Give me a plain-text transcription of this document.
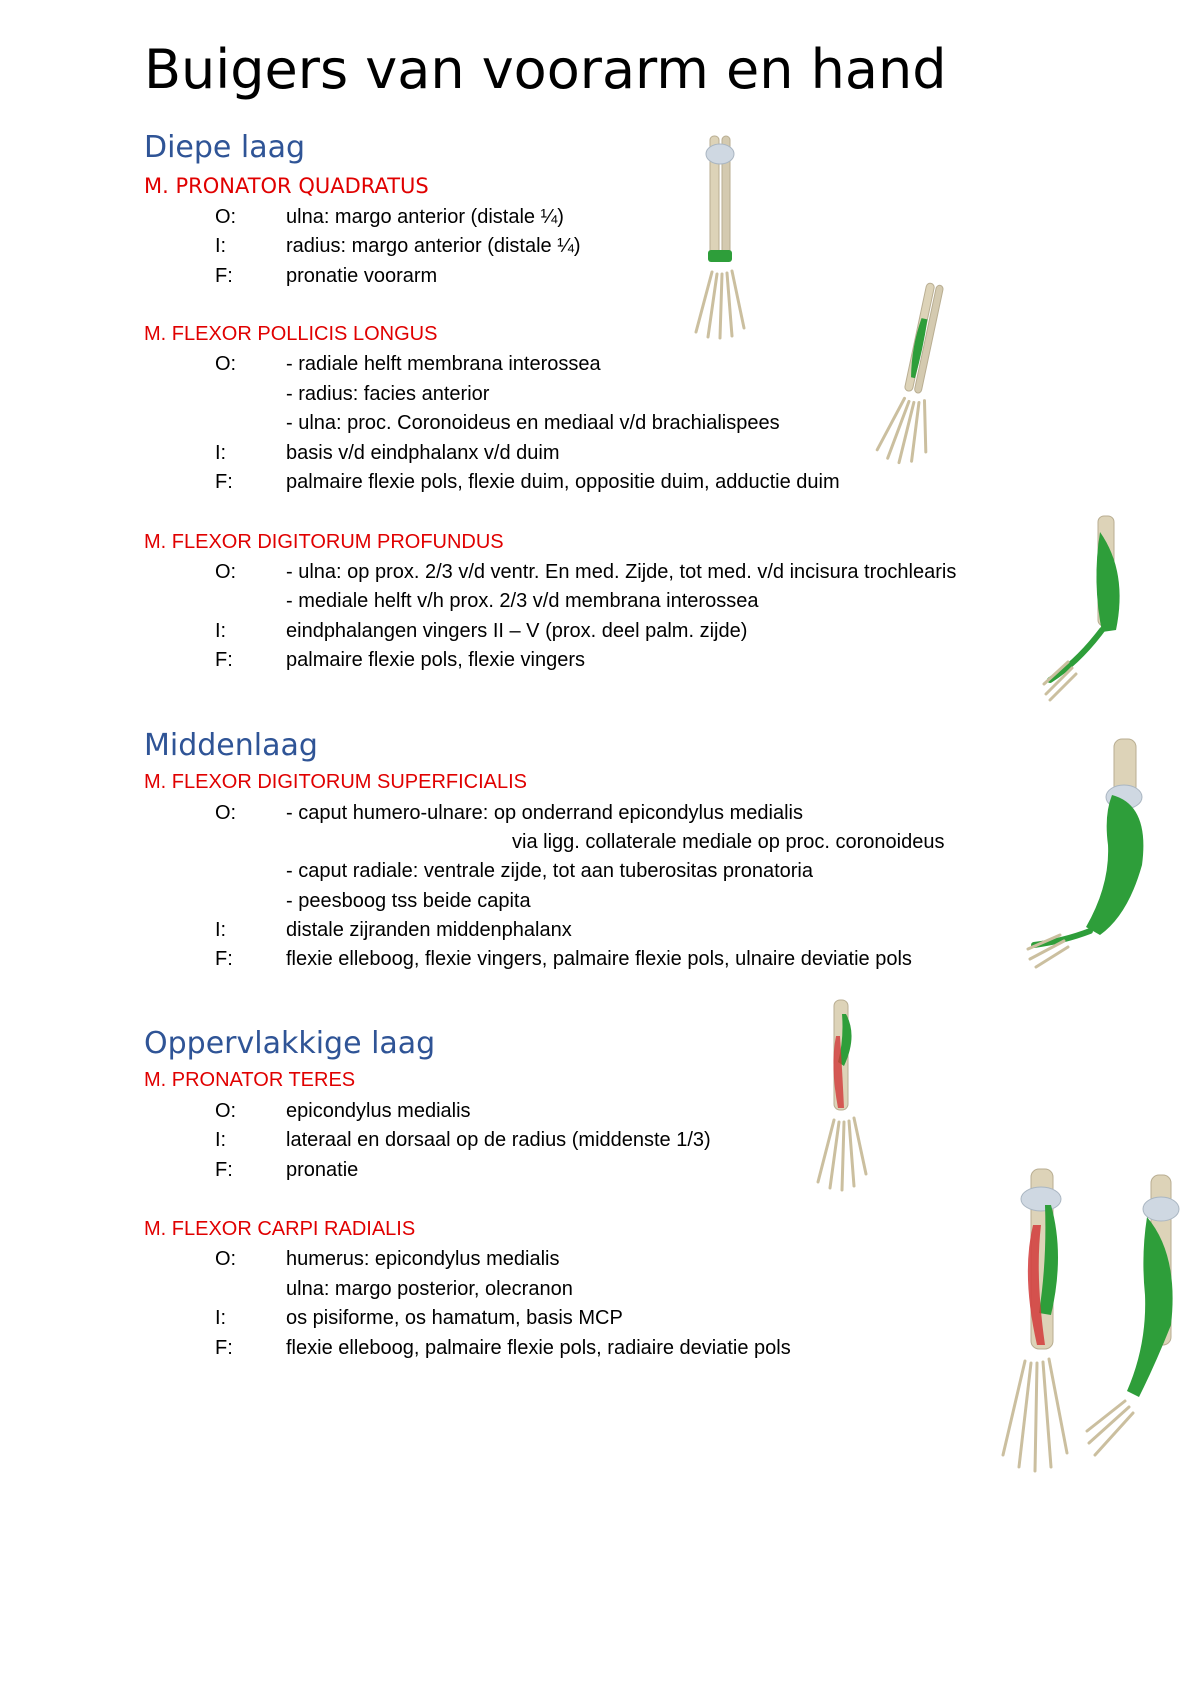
Buigers van voorarm en hand
Diepe laag
M. PRONATOR QUADRATUS
O: ulna: margo anterior (distale ¼)
I:	radius: margo anterior (distale ¼)
F:	pronatie voorarm
M. FLEXOR POLLICIS LONGUS
O: - radiale helft membrana interossea
- radius: facies anterior
- ulna: proc. Coronoideus en mediaal v/d brachialispees
I:	basis v/d eindphalanx v/d duim
F:	palmaire flexie pols, flexie duim, oppositie duim, adductie duim
M. FLEXOR DIGITORUM PROFUNDUS
O: - ulna: op prox. 2/3 v/d ventr. En med. Zijde, tot med. v/d incisura trochlearis
- mediale helft v/h prox. 2/3 v/d membrana interossea
I:	eindphalangen vingers II – V (prox. deel palm. zijde)
F:	palmaire flexie pols, flexie vingers
Middenlaag
M. FLEXOR DIGITORUM SUPERFICIALIS
O: - caput humero-ulnare: op onderrand epicondylus medialis
via ligg. collaterale mediale op proc. coronoideus
- caput radiale: ventrale zijde, tot aan tuberositas pronatoria
- peesboog tss beide capita
I:	distale zijranden middenphalanx
F:	flexie elleboog, flexie vingers, palmaire flexie pols, ulnaire deviatie pols
Oppervlakkige laag
M. PRONATOR TERES
O: epicondylus medialis
I:	lateraal en dorsaal op de radius (middenste 1/3)
F:	pronatie
M. FLEXOR CARPI RADIALIS
O: humerus: epicondylus medialis
ulna: margo posterior, olecranon
I:	os pisiforme, os hamatum, basis MCP
F:	flexie elleboog, palmaire flexie pols, radiaire deviatie pols
